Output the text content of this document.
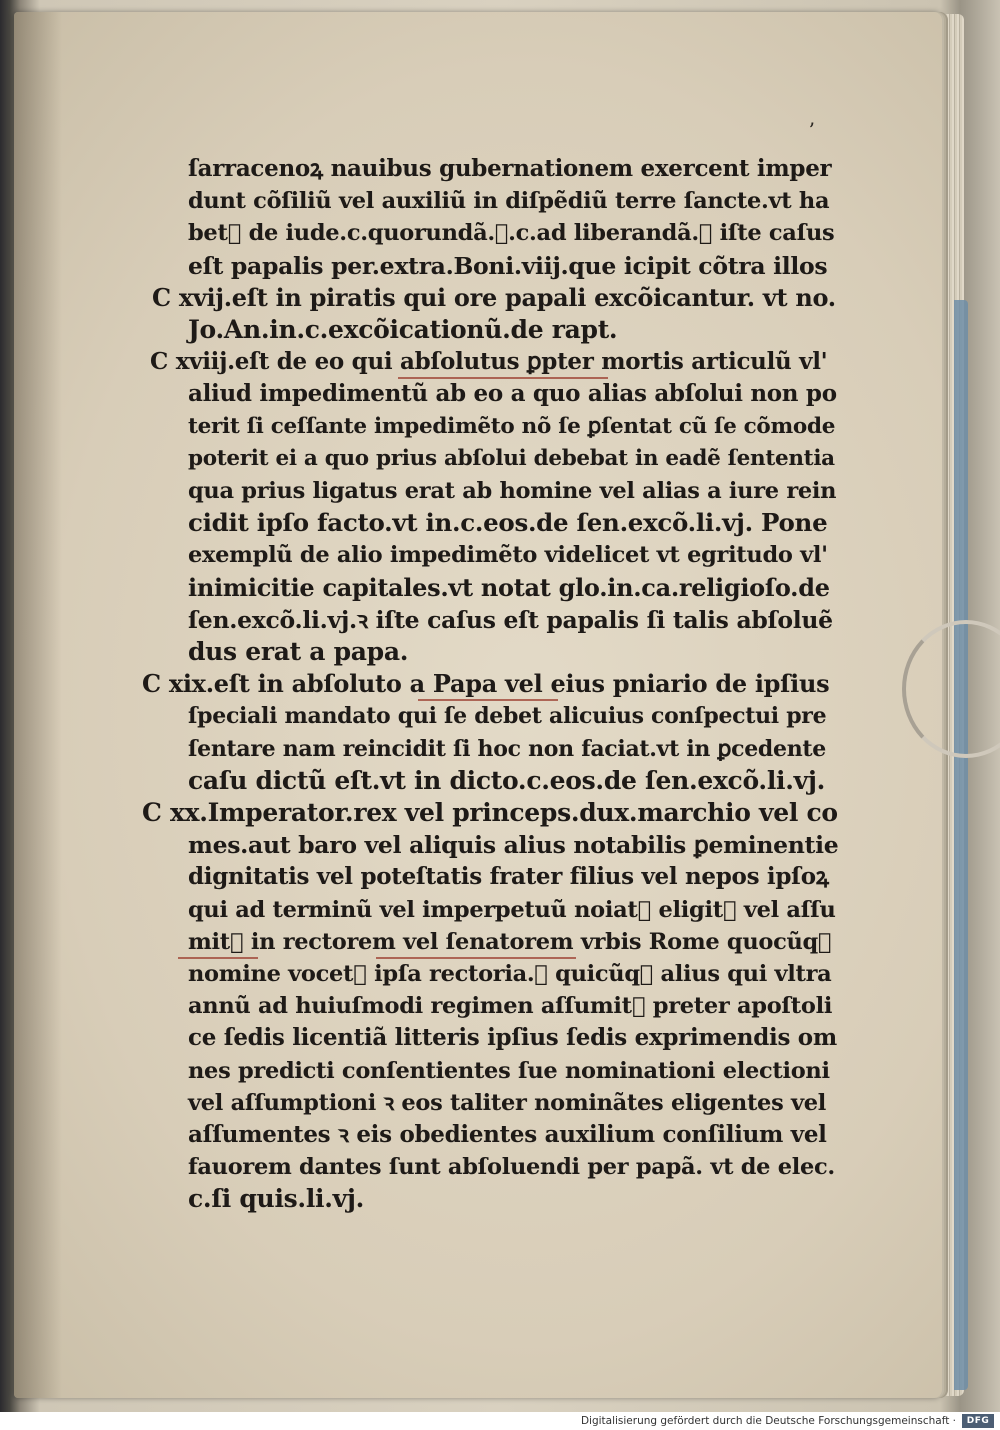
ʼ
ſarracenoꝝ nauibus gubernationem exercent imper
dunt cõſiliũ vel auxiliũ in diſpẽdiũ terre ſancte.vt ha
bet᷑ de iude.c.quorundã.ꝛ.c.ad liberandã.ꝛ iſte caſus
eſt papalis per.extra.Boni.viij.que icipit cõtra illos
C xvij.eſt in piratis qui ore papali excõicantur. vt no.
Jo.An.in.c.excõicationũ.de rapt.
C xviij.eſt de eo qui abſolutus ꝑpter mortis articulũ vl'
aliud impedimentũ ab eo a quo alias abſolui non po
terit ſi ceſſante impedimẽto nõ ſe ꝑſentat cũ ſe cõmode
poterit ei a quo prius abſolui debebat in eadẽ ſententia
qua prius ligatus erat ab homine vel alias a iure rein
cidit ipſo facto.vt in.c.eos.de ſen.excõ.li.vj. Pone
exemplũ de alio impedimẽto videlicet vt egritudo vl'
inimicitie capitales.vt notat glo.in.ca.religioſo.de
ſen.excõ.li.vj.ꝛ iſte caſus eſt papalis ſi talis abſoluẽ
dus erat a papa.
C xix.eſt in abſoluto a Papa vel eius pniario de ipſius
ſpeciali mandato qui ſe debet alicuius conſpectui pre
ſentare nam reincidit ſi hoc non faciat.vt in ꝑcedente
caſu dictũ eſt.vt in dicto.c.eos.de ſen.excõ.li.vj.
C xx.Imperator.rex vel princeps.dux.marchio vel co
mes.aut baro vel aliquis alius notabilis ꝑeminentie
dignitatis vel poteſtatis frater filius vel nepos ipſoꝝ
qui ad terminũ vel imperpetuũ noiat᷑ eligit᷑ vel aſſu
mit᷑ in rectorem vel ſenatorem vrbis Rome quocũqꝫ
nomine vocet᷑ ipſa rectoria.ꝛ quicũqꝫ alius qui vltra
annũ ad huiuſmodi regimen aſſumit᷑ preter apoſtoli
ce ſedis licentiã litteris ipſius ſedis exprimendis om
nes predicti conſentientes ſue nominationi electioni
vel aſſumptioni ꝛ eos taliter nominãtes eligentes vel
aſſumentes ꝛ eis obedientes auxilium conſilium vel
fauorem dantes ſunt abſoluendi per papã. vt de elec.
c.ſi quis.li.vj.
Digitalisierung gefördert durch die Deutsche Forschungsgemeinschaft ·	DFG
